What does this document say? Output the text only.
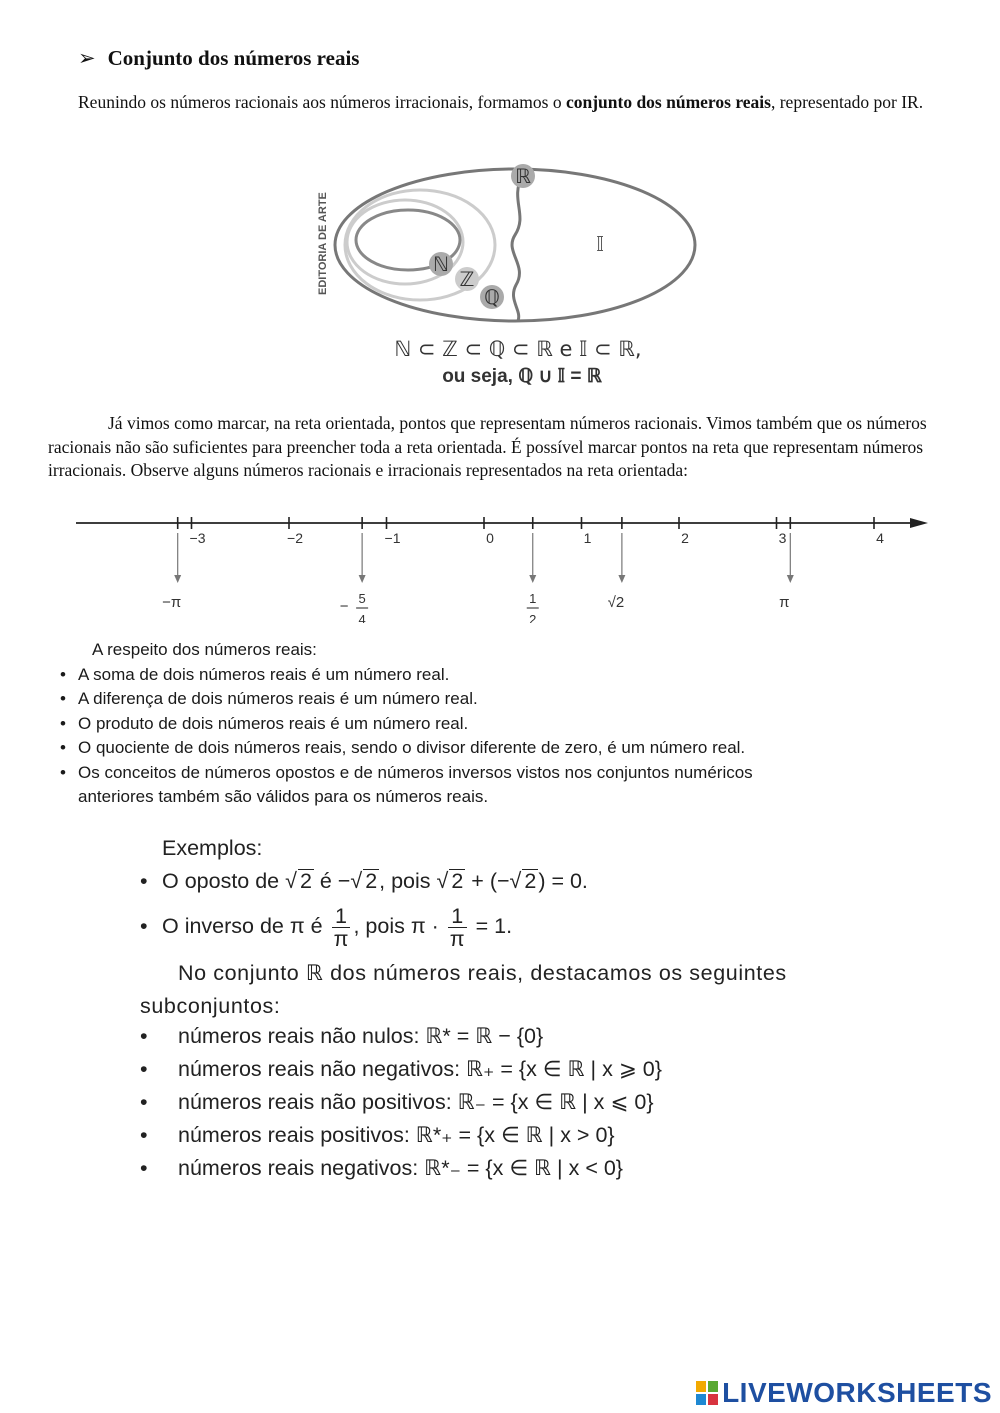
➢ Conjunto dos números reais
Reunindo os números racionais aos números irracionais, formamos o conjunto dos números reais, representado por IR.
EDITORIA DE ARTE
ℝ
ℕ
ℤ
ℚ
𝕀
ℕ ⊂ ℤ ⊂ ℚ ⊂ ℝ e 𝕀 ⊂ ℝ,
ou seja, ℚ ∪ 𝕀 = ℝ
Já vimos como marcar, na reta orientada, pontos que representam números racionais. Vimos também que os números racionais não são suficientes para preencher toda a reta orientada. É possível marcar pontos na reta que representam números irracionais. Observe alguns números racionais e irracionais representados na reta orientada:
−3	−2	−1	0	1	2	3	4
−π	− 5
4
1
2
√2	π
A respeito dos números reais:
• A soma de dois números reais é um número real.
• A diferença de dois números reais é um número real.
• O produto de dois números reais é um número real.
• O quociente de dois números reais, sendo o divisor diferente de zero, é um número real.
• Os conceitos de números opostos e de números inversos vistos nos conjuntos numéricos
anteriores também são válidos para os números reais.
Exemplos:
• O oposto de √ 2 é −√ 2, pois √ 2 + (−√ 2) = 0.
• O inverso de π é $\frac{1}{\pi}$ , pois $\pi \cdot \frac{1}{\pi} = 1$.
No conjunto ℝ dos números reais, destacamos os seguintes
subconjuntos:
• números reais não nulos: ℝ* = ℝ − {0}
• números reais não negativos: ℝ₊ = {x ∈ ℝ | x ⩾ 0}
• números reais não positivos: ℝ₋ = {x ∈ ℝ | x ⩽ 0}
• números reais positivos: ℝ*₊ = {x ∈ ℝ | x > 0}
• números reais negativos: ℝ*₋ = {x ∈ ℝ | x < 0}
LIVEWORKSHEETS
